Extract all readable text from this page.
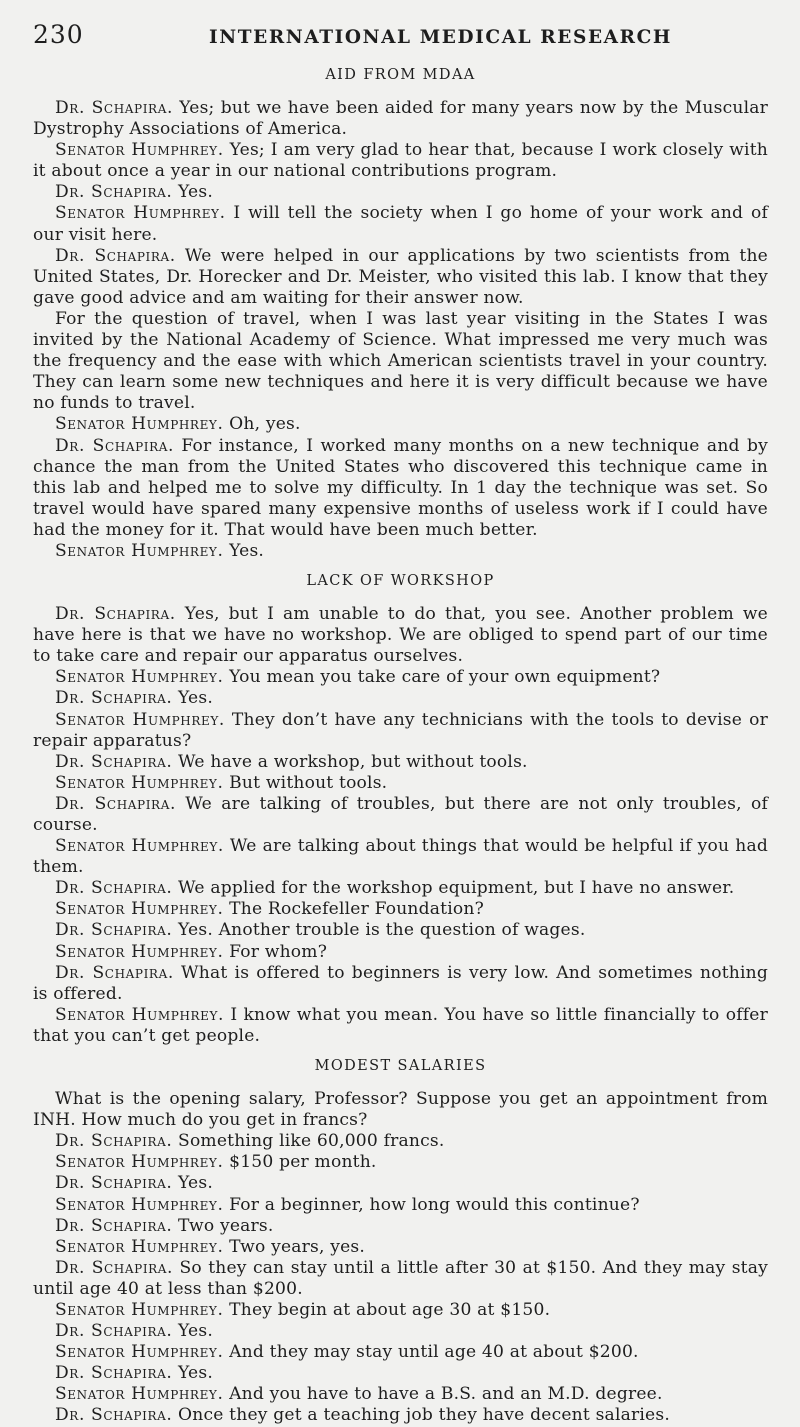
230	INTERNATIONAL MEDICAL RESEARCH
AID FROM MDAA

Dr. Schapira. Yes; but we have been aided for many years now by the Muscular Dystrophy Associations of America.

Senator Humphrey. Yes; I am very glad to hear that, because I work closely with it about once a year in our national contributions program.

Dr. Schapira. Yes.

Senator Humphrey. I will tell the society when I go home of your work and of our visit here.

Dr. Schapira. We were helped in our applications by two scientists from the United States, Dr. Horecker and Dr. Meister, who visited this lab. I know that they gave good advice and am waiting for their answer now.

For the question of travel, when I was last year visiting in the States I was invited by the National Academy of Science. What impressed me very much was the frequency and the ease with which American scientists travel in your country. They can learn some new techniques and here it is very difficult because we have no funds to travel.

Senator Humphrey. Oh, yes.

Dr. Schapira. For instance, I worked many months on a new technique and by chance the man from the United States who discovered this technique came in this lab and helped me to solve my difficulty. In 1 day the technique was set. So travel would have spared many expensive months of useless work if I could have had the money for it. That would have been much better.

Senator Humphrey. Yes.

LACK OF WORKSHOP

Dr. Schapira. Yes, but I am unable to do that, you see. Another problem we have here is that we have no workshop. We are obliged to spend part of our time to take care and repair our apparatus ourselves.

Senator Humphrey. You mean you take care of your own equipment?

Dr. Schapira. Yes.

Senator Humphrey. They don’t have any technicians with the tools to devise or repair apparatus?

Dr. Schapira. We have a workshop, but without tools.

Senator Humphrey. But without tools.

Dr. Schapira. We are talking of troubles, but there are not only troubles, of course.

Senator Humphrey. We are talking about things that would be helpful if you had them.

Dr. Schapira. We applied for the workshop equipment, but I have no answer.

Senator Humphrey. The Rockefeller Foundation?

Dr. Schapira. Yes. Another trouble is the question of wages.

Senator Humphrey. For whom?

Dr. Schapira. What is offered to beginners is very low. And sometimes nothing is offered.

Senator Humphrey. I know what you mean. You have so little financially to offer that you can’t get people.

MODEST SALARIES

What is the opening salary, Professor? Suppose you get an appointment from INH. How much do you get in francs?

Dr. Schapira. Something like 60,000 francs.

Senator Humphrey. $150 per month.

Dr. Schapira. Yes.

Senator Humphrey. For a beginner, how long would this continue?

Dr. Schapira. Two years.

Senator Humphrey. Two years, yes.

Dr. Schapira. So they can stay until a little after 30 at $150. And they may stay until age 40 at less than $200.

Senator Humphrey. They begin at about age 30 at $150.

Dr. Schapira. Yes.

Senator Humphrey. And they may stay until age 40 at about $200.

Dr. Schapira. Yes.

Senator Humphrey. And you have to have a B.S. and an M.D. degree.

Dr. Schapira. Once they get a teaching job they have decent salaries.
